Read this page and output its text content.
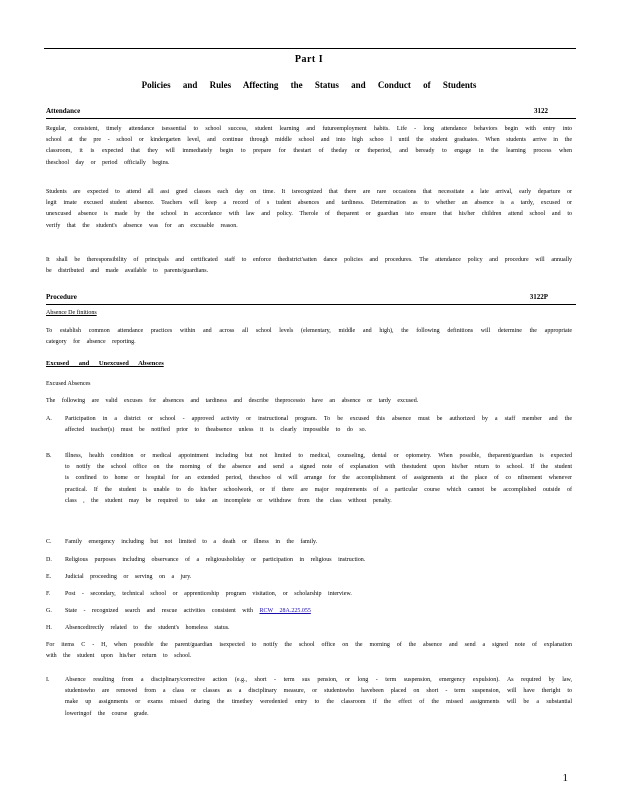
Part I
Policies and Rules Affecting the Status and Conduct of Students
Attendance	3122
Regular, consistent, timely attendance isessential to school success, student learning and futureemployment habits. Life - long attendance behaviors begin with entry into school at the pre - school or kindergarten level, and continue through middle school and into high schoo l until the student graduates. When students arrive in the classroom, it is expected that they will immediately begin to prepare for thestart of theday or theperiod, and beready to engage in the learning process when theschool day or period officially begins.
Students are expected to attend all assi gned classes each day on time. It isrecognized that there are rare occasions that necessitate a late arrival, early departure or legit imate excused student absence. Teachers will keep a record of s tudent absences and tardiness. Determination as to whether an absence is a tardy, excused or unexcused absence is made by the school in accordance with law and policy. Therole of theparent or guardian isto ensure that his/her children attend school and to verify that the student's absence was for an excusable reason.
It shall be theresponsibility of principals and certificated staff to enforce thedistrict'satten dance policies and procedures. The attendance policy and procedure will annually be distributed and made available to parents/guardians.
Procedure	3122P
Absence De finitions
To establish common attendance practices within and across all school levels (elementary, middle and high), the following definitions will determine the appropriate category for absence reporting.
Excused and Unexcused Absences
Excused Absences
The following are valid excuses for absences and tardiness and describe theprocessto have an absence or tardy excused.
A.	Participation in a district or school - approved activity or instructional program. To be excused this absence must be authorized by a staff member and the affected teacher(s) must be notified prior to theabsence unless it is clearly impossible to do so.
B.	Illness, health condition or medical appointment including but not limited to medical, counseling, dental or optometry. When possible, theparent/guardian is expected to notify the school office on the morning of the absence and send a signed note of explanation with thestudent upon his/her return to school. If the student is confined to home or hospital for an extended period, theschoo ol will arrange for the accomplishment of assignments at the place of co nfinement whenever practical. If the student is unable to do his/her schoolwork, or if there are major requirements of a particular course which cannot be accomplished outside of class , the student may be required to take an incomplete or withdraw from the class without penalty.
C.	Family emergency including but not limited to a death or illness in the family.
D.	Religious purposes including observance of a religiousholiday or participation in religious instruction.
E.	Judicial proceeding or serving on a jury.
F.	Post - secondary, technical school or apprenticeship program visitation, or scholarship interview.
G.	State - recognized search and rescue activities consistent with RCW 28A.225.055
H.	Absencedirectly related to the student's homeless status.
For items C - H, when possible the parent/guardian isexpected to notify the school office on the morning of the absence and send a signed note of explanation with the student upon his/her return to school.
I.	Absence resulting from a disciplinary/corrective action (e.g., short - term sus pension, or long - term suspension, emergency expulsion). As required by law, studentswho are removed from a class or classes as a disciplinary measure, or studentswho havebeen placed on short - term suspension, will have theright to make up assignments or exams missed during the timethey weredenied entry to the classroom if the effect of the missed assignments will be a substantial loweringof the course grade.
1
